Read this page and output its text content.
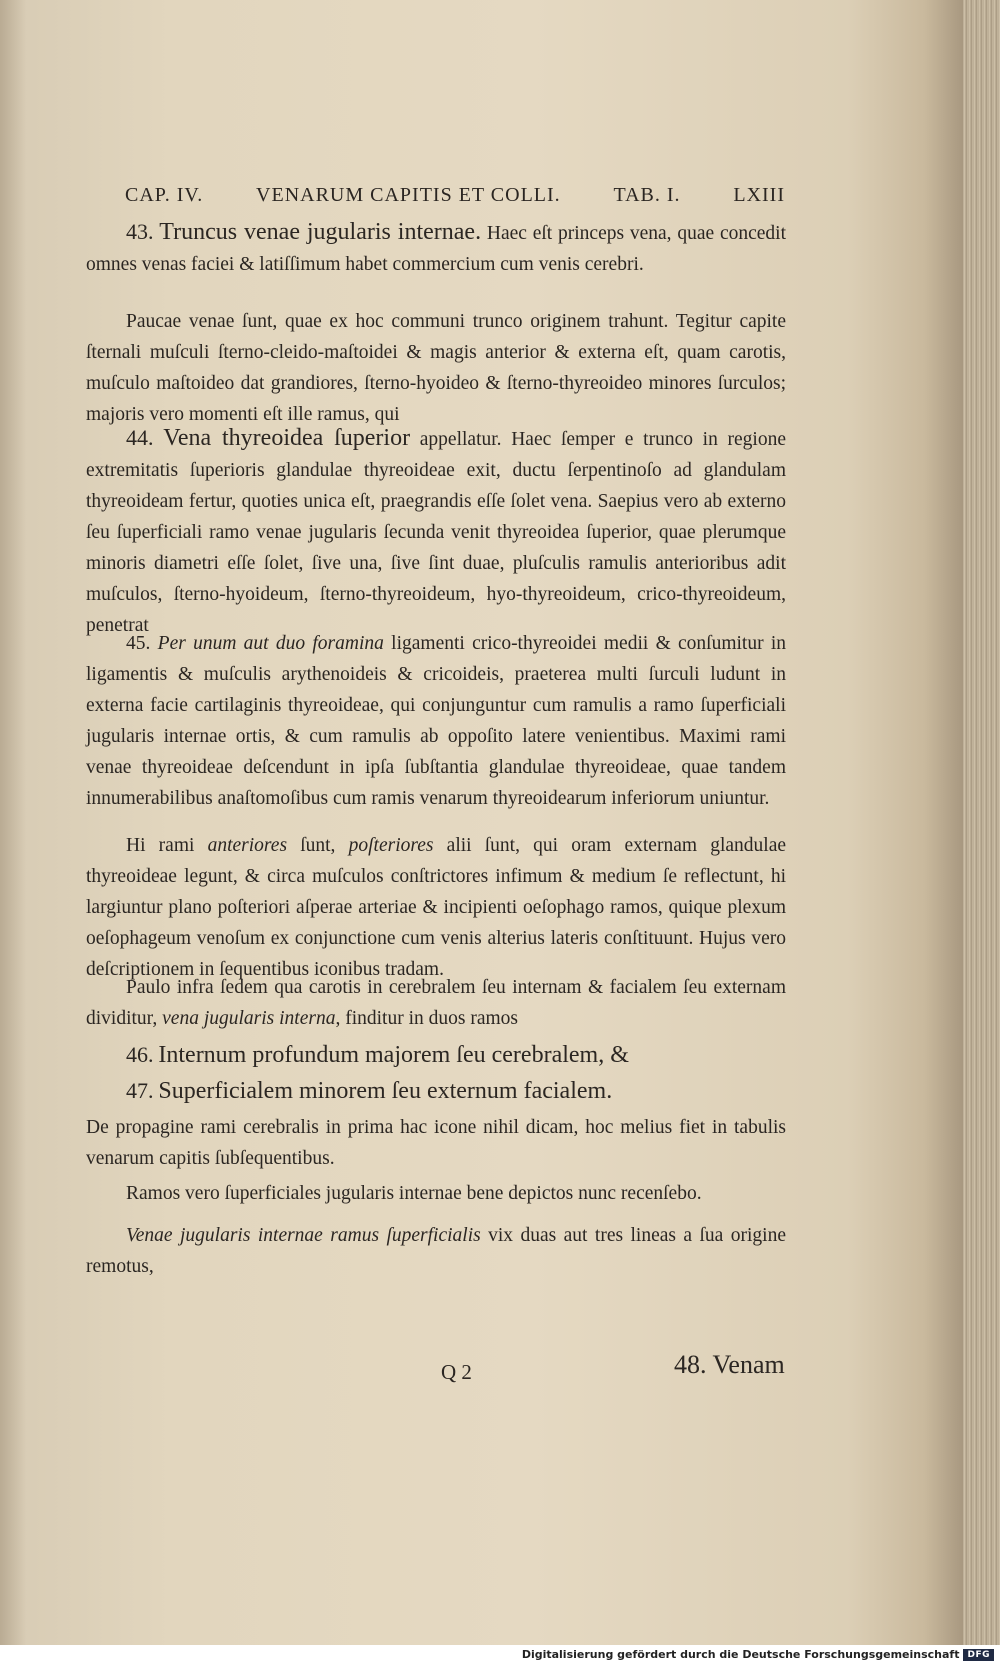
CAP. IV.	VENARUM CAPITIS ET COLLI.	TAB. I.	LXIII

43. Truncus venae jugularis internae. Haec eſt princeps vena, quae concedit omnes venas faciei & latiſſimum habet commercium cum venis cerebri.

Paucae venae ſunt, quae ex hoc communi trunco originem trahunt. Tegitur capite ſternali muſculi ſterno-cleido-maſtoidei & magis anterior & externa eſt, quam carotis, muſculo maſtoideo dat grandiores, ſterno-hyoideo & ſterno-thyreoideo minores ſurculos; majoris vero momenti eſt ille ramus, qui

44. Vena thyreoidea ſuperior appellatur. Haec ſemper e trunco in regione extremitatis ſuperioris glandulae thyreoideae exit, ductu ſerpentinoſo ad glandulam thyreoideam fertur, quoties unica eſt, praegrandis eſſe ſolet vena. Saepius vero ab externo ſeu ſuperficiali ramo venae jugularis ſecunda venit thyreoidea ſuperior, quae plerumque minoris diametri eſſe ſolet, ſive una, ſive ſint duae, pluſculis ramulis anterioribus adit muſculos, ſterno-hyoideum, ſterno-thyreoideum, hyo-thyreoideum, crico-thyreoideum, penetrat

45. Per unum aut duo foramina ligamenti crico-thyreoidei medii & conſumitur in ligamentis & muſculis arythenoideis & cricoideis, praeterea multi ſurculi ludunt in externa facie cartilaginis thyreoideae, qui conjunguntur cum ramulis a ramo ſuperficiali jugularis internae ortis, & cum ramulis ab oppoſito latere venientibus. Maximi rami venae thyreoideae deſcendunt in ipſa ſubſtantia glandulae thyreoideae, quae tandem innumerabilibus anaſtomoſibus cum ramis venarum thyreoidearum inferiorum uniuntur.

Hi rami anteriores ſunt, poſteriores alii ſunt, qui oram externam glandulae thyreoideae legunt, & circa muſculos conſtrictores infimum & medium ſe reflectunt, hi largiuntur plano poſteriori aſperae arteriae & incipienti oeſophago ramos, quique plexum oeſophageum venoſum ex conjunctione cum venis alterius lateris conſtituunt. Hujus vero deſcriptionem in ſequentibus iconibus tradam.

Paulo infra ſedem qua carotis in cerebralem ſeu internam & facialem ſeu externam dividitur, vena jugularis interna, finditur in duos ramos

46. Internum profundum majorem ſeu cerebralem, &

47. Superficialem minorem ſeu externum facialem.

De propagine rami cerebralis in prima hac icone nihil dicam, hoc melius fiet in tabulis venarum capitis ſubſequentibus.

Ramos vero ſuperficiales jugularis internae bene depictos nunc recenſebo.

Venae jugularis internae ramus ſuperficialis vix duas aut tres lineas a ſua origine remotus,

Q 2	48. Venam
Digitalisierung gefördert durch die Deutsche Forschungsgemeinschaft DFG
